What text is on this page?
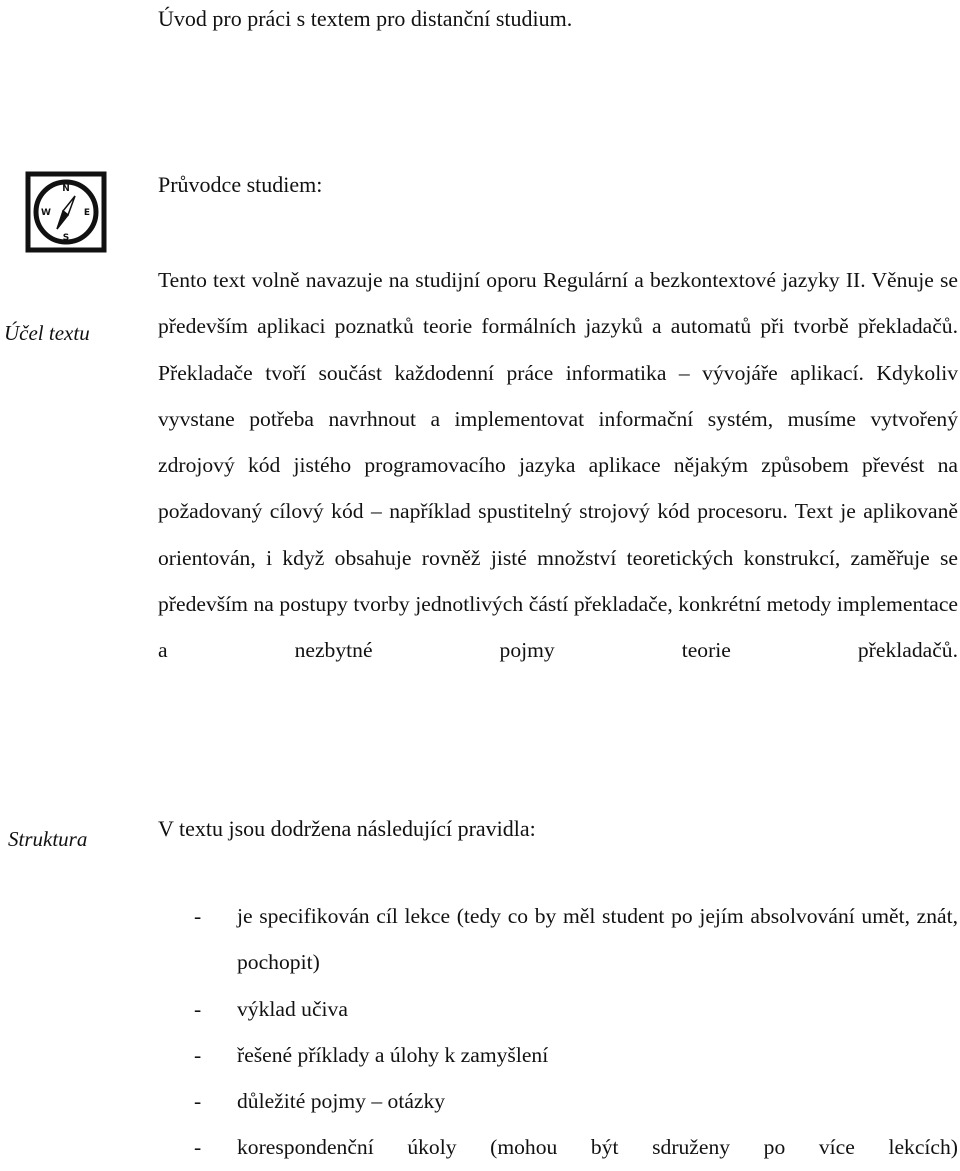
Úvod pro práci s textem pro distanční studium.
N
S
W	E
Průvodce studiem:
Účel textu
Tento text volně navazuje na studijní oporu Regulární a bezkontextové jazyky II. Věnuje se především aplikaci poznatků teorie formálních jazyků a automatů při tvorbě překladačů. Překladače tvoří součást každodenní práce informatika – vývojáře aplikací. Kdykoliv vyvstane potřeba navrhnout a implementovat informační systém, musíme vytvořený zdrojový kód jistého programovacího jazyka aplikace nějakým způsobem převést na požadovaný cílový kód – například spustitelný strojový kód procesoru. Text je aplikovaně orientován, i když obsahuje rovněž jisté množství teoretických konstrukcí, zaměřuje se především na postupy tvorby jednotlivých částí překladače, konkrétní metody implementace a nezbytné pojmy teorie překladačů.
Struktura	V textu jsou dodržena následující pravidla:
- je specifikován cíl lekce (tedy co by měl student po jejím absolvování umět, znát, pochopit)
- výklad učiva
- řešené příklady a úlohy k zamyšlení
- důležité pojmy – otázky
- korespondenční úkoly (mohou být sdruženy po více lekcích)
